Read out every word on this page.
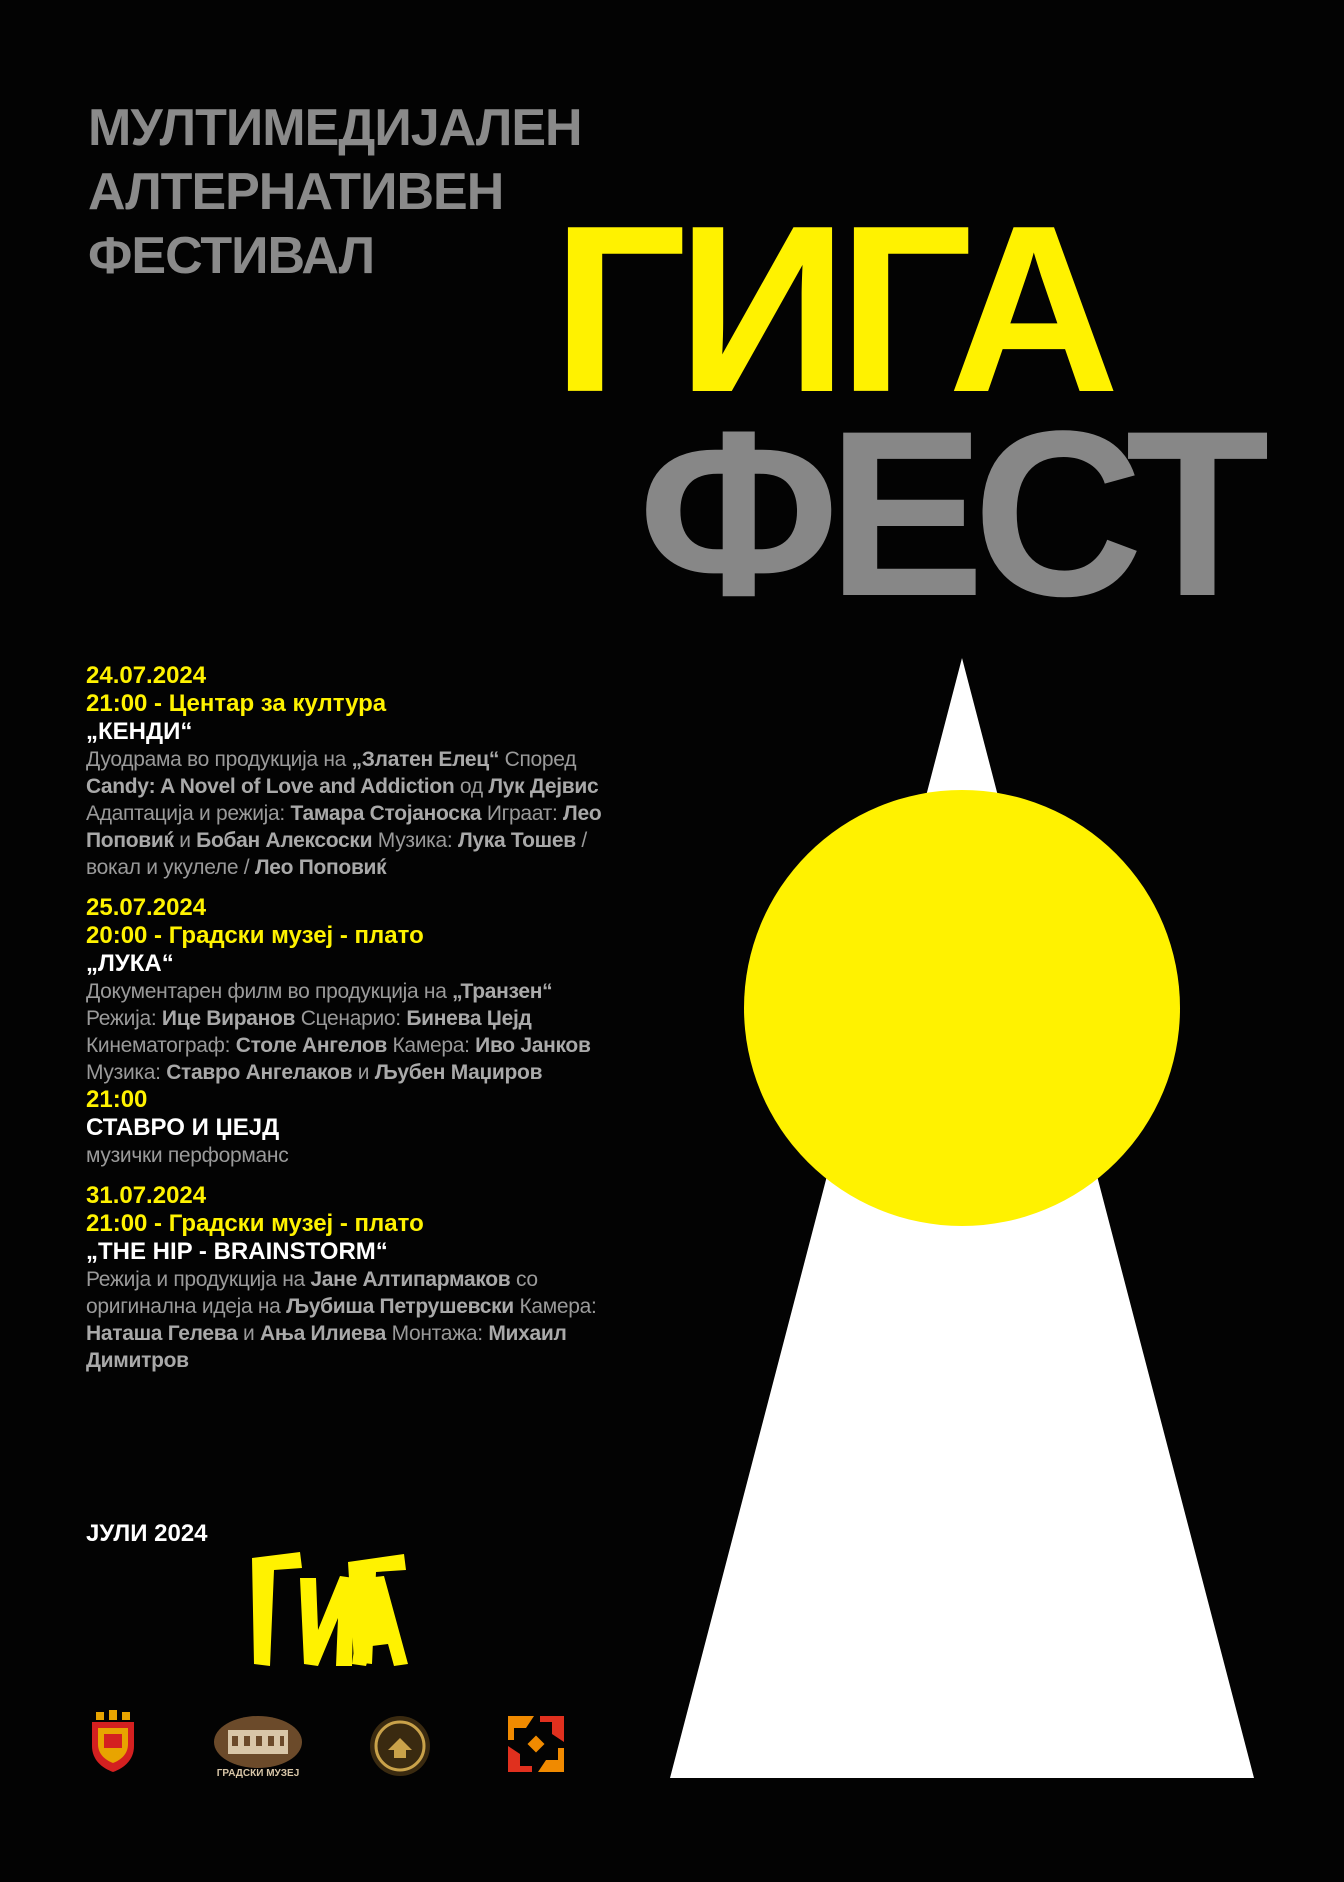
МУЛТИМЕДИЈАЛЕН
АЛТЕРНАТИВЕН
ФЕСТИВАЛ ГИГА
ФЕСТ
24.07.2024
21:00 - Центар за култура
„КЕНДИ“
Дуодрама во продукција на „Златен Елец“ Според Candy: A Novel of Love and Addiction од Лук Дејвис Адаптација и режија: Тамара Стојаноска Играат: Лео Поповиќ и Бобан Алексоски Музика: Лука Тошев / вокал и укулеле / Лео Поповиќ
25.07.2024
20:00 - Градски музеј - плато
„ЛУКА“
Документарен филм во продукција на „Транзен“ Режија: Ице Виранов Сценарио: Бинева Џејд Кинематограф: Столе Ангелов Камера: Иво Јанков Музика: Ставро Ангелаков и Љубен Маџиров
21:00
СТАВРО И ЏЕЈД
музички перформанс
31.07.2024
21:00 - Градски музеј - плато
„THE HIP - BRAINSTORM“
Режија и продукција на Јане Алтипармаков со оригинална идеја на Љубиша Петрушевски Камера: Наташа Гелева и Ања Илиева Монтажа: Михаил Димитров
ЈУЛИ 2024
ГИГА
ГРАДСКИ МУЗЕЈ
